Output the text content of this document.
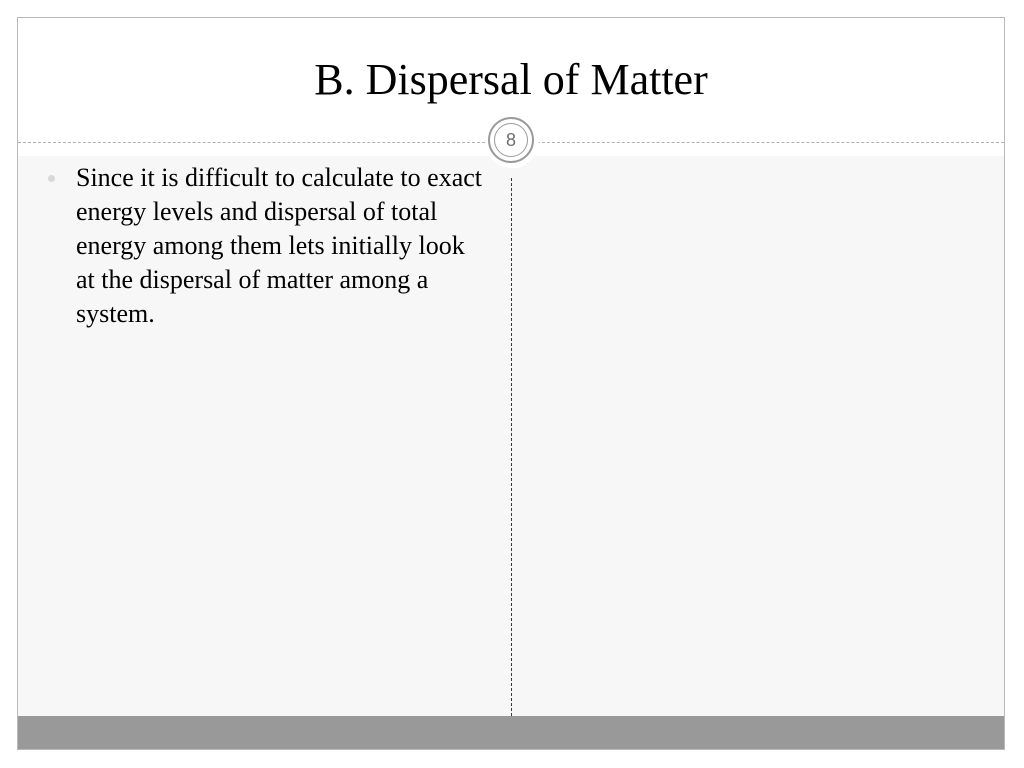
B. Dispersal of Matter
Since it is difficult to calculate to exact energy levels and dispersal of total energy among them lets initially look at the dispersal of matter among a system.
8
